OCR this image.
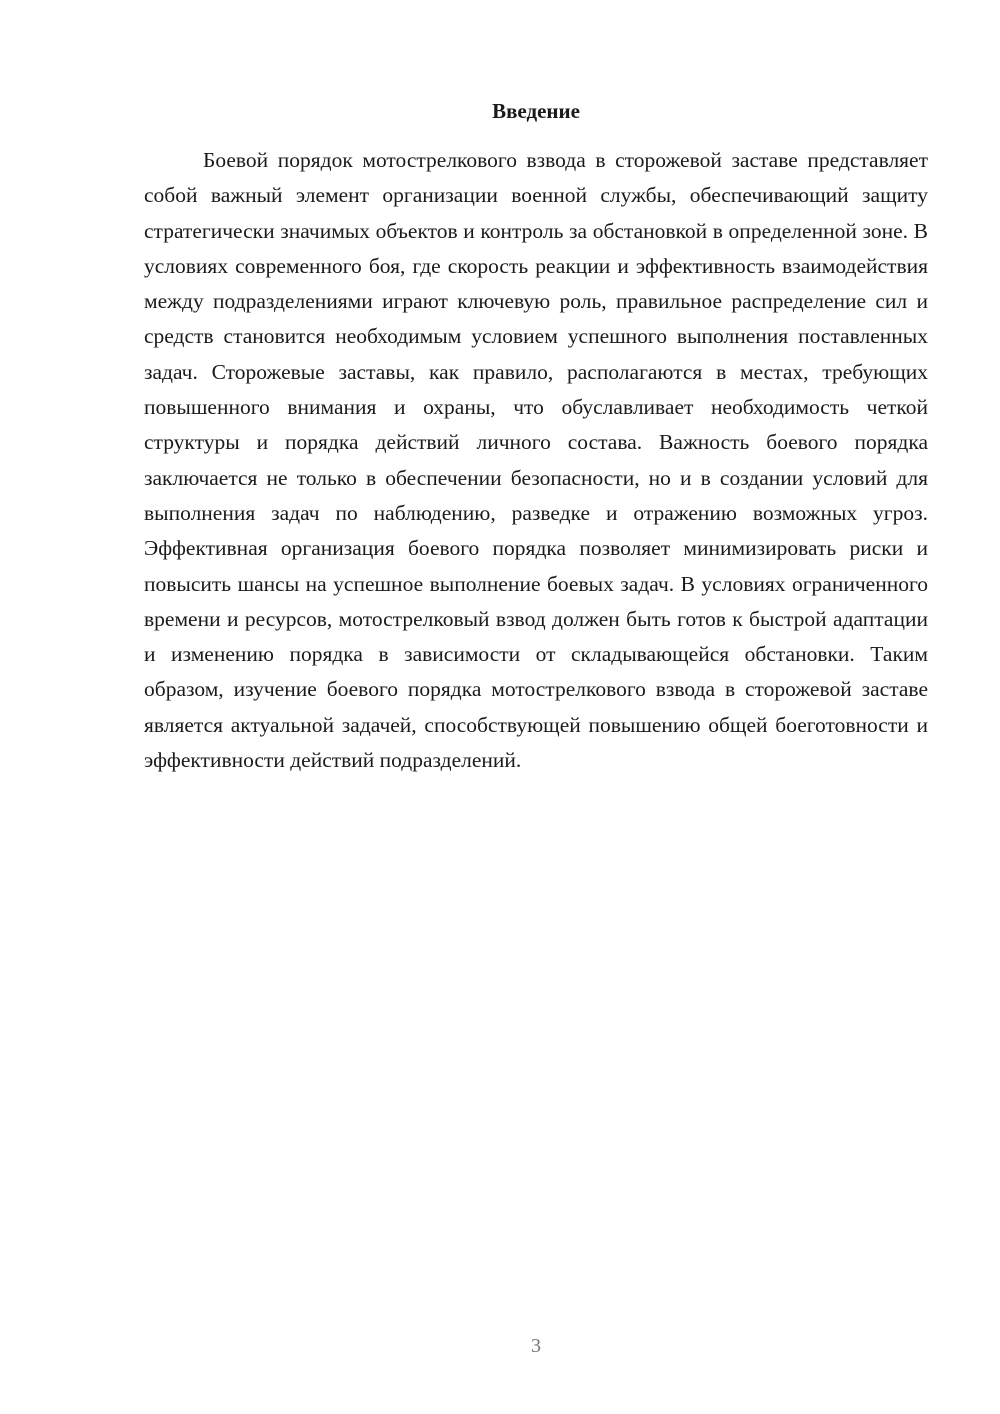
Введение

Боевой порядок мотострелкового взвода в сторожевой заставе представляет собой важный элемент организации военной службы, обеспечивающий защиту стратегически значимых объектов и контроль за обстановкой в определенной зоне. В условиях современного боя, где скорость реакции и эффективность взаимодействия между подразделениями играют ключевую роль, правильное распределение сил и средств становится необходимым условием успешного выполнения поставленных задач. Сторожевые заставы, как правило, располагаются в местах, требующих повышенного внимания и охраны, что обуславливает необходимость четкой структуры и порядка действий личного состава. Важность боевого порядка заключается не только в обеспечении безопасности, но и в создании условий для выполнения задач по наблюдению, разведке и отражению возможных угроз. Эффективная организация боевого порядка позволяет минимизировать риски и повысить шансы на успешное выполнение боевых задач. В условиях ограниченного времени и ресурсов, мотострелковый взвод должен быть готов к быстрой адаптации и изменению порядка в зависимости от складывающейся обстановки. Таким образом, изучение боевого порядка мотострелкового взвода в сторожевой заставе является актуальной задачей, способствующей повышению общей боеготовности и эффективности действий подразделений.

3
